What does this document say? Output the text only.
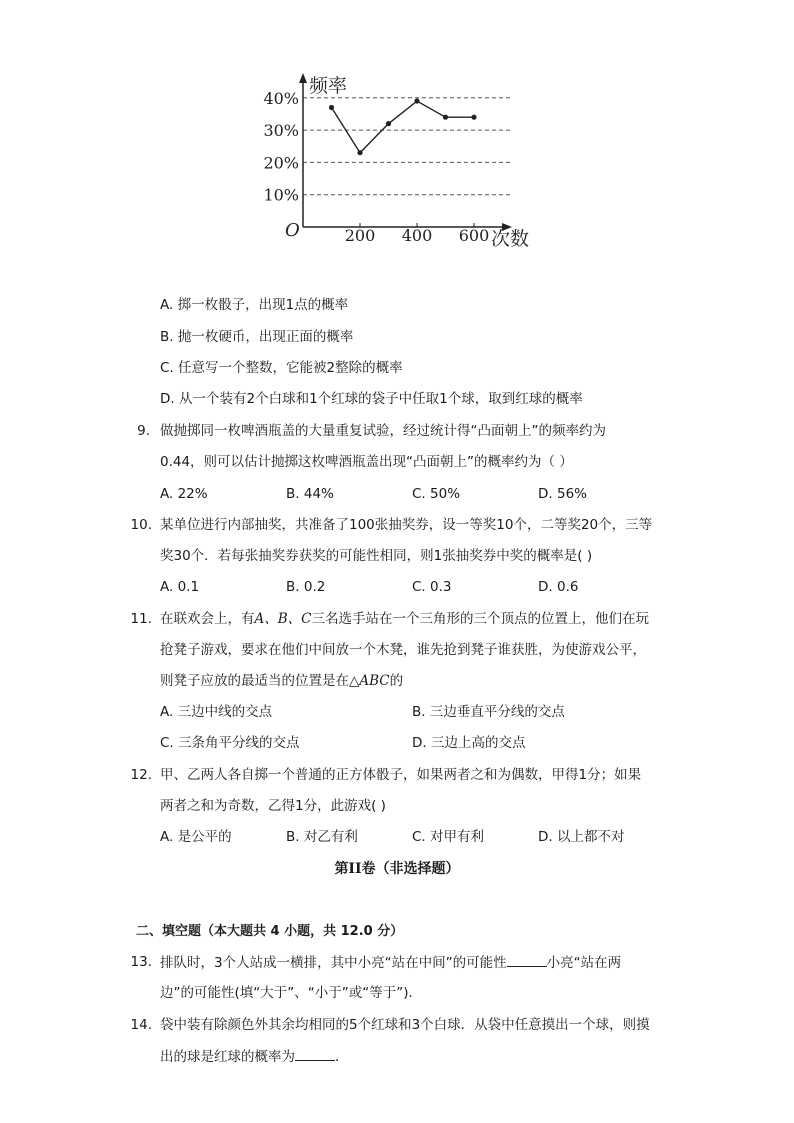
10%
20%
30%
40%
200 400 600
O
频率
次数
A. 掷一枚骰子，出现1点的概率
B. 抛一枚硬币，出现正面的概率
C. 任意写一个整数，它能被2整除的概率
D. 从一个装有2个白球和1个红球的袋子中任取1个球，取到红球的概率
9. 做抛掷同一枚啤酒瓶盖的大量重复试验，经过统计得“凸面朝上”的频率约为
0.44，则可以估计抛掷这枚啤酒瓶盖出现“凸面朝上”的概率约为（ ）
A. 22%	B. 44%	C. 50%	D. 56%
10. 某单位进行内部抽奖，共准备了100张抽奖券，设一等奖10个，二等奖20个，三等
奖30个．若每张抽奖券获奖的可能性相同，则1张抽奖券中奖的概率是( )
A. 0.1	B. 0.2	C. 0.3	D. 0.6
11. 在联欢会上，有A、B、C三名选手站在一个三角形的三个顶点的位置上，他们在玩
抢凳子游戏，要求在他们中间放一个木凳，谁先抢到凳子谁获胜，为使游戏公平，
则凳子应放的最适当的位置是在△ABC的
A. 三边中线的交点	B. 三边垂直平分线的交点
C. 三条角平分线的交点	D. 三边上高的交点
12. 甲、乙两人各自掷一个普通的正方体骰子，如果两者之和为偶数，甲得1分；如果
两者之和为奇数，乙得1分，此游戏( )
A. 是公平的	B. 对乙有利	C. 对甲有利	D. 以上都不对
第II卷（非选择题）
二、填空题（本大题共 4 小题，共 12.0 分）
13. 排队时，3个人站成一横排，其中小亮“站在中间”的可能性	小亮“站在两
边”的可能性(填“大于”、“小于”或“等于”)．
14. 袋中装有除颜色外其余均相同的5个红球和3个白球．从袋中任意摸出一个球，则摸
出的球是红球的概率为	．
